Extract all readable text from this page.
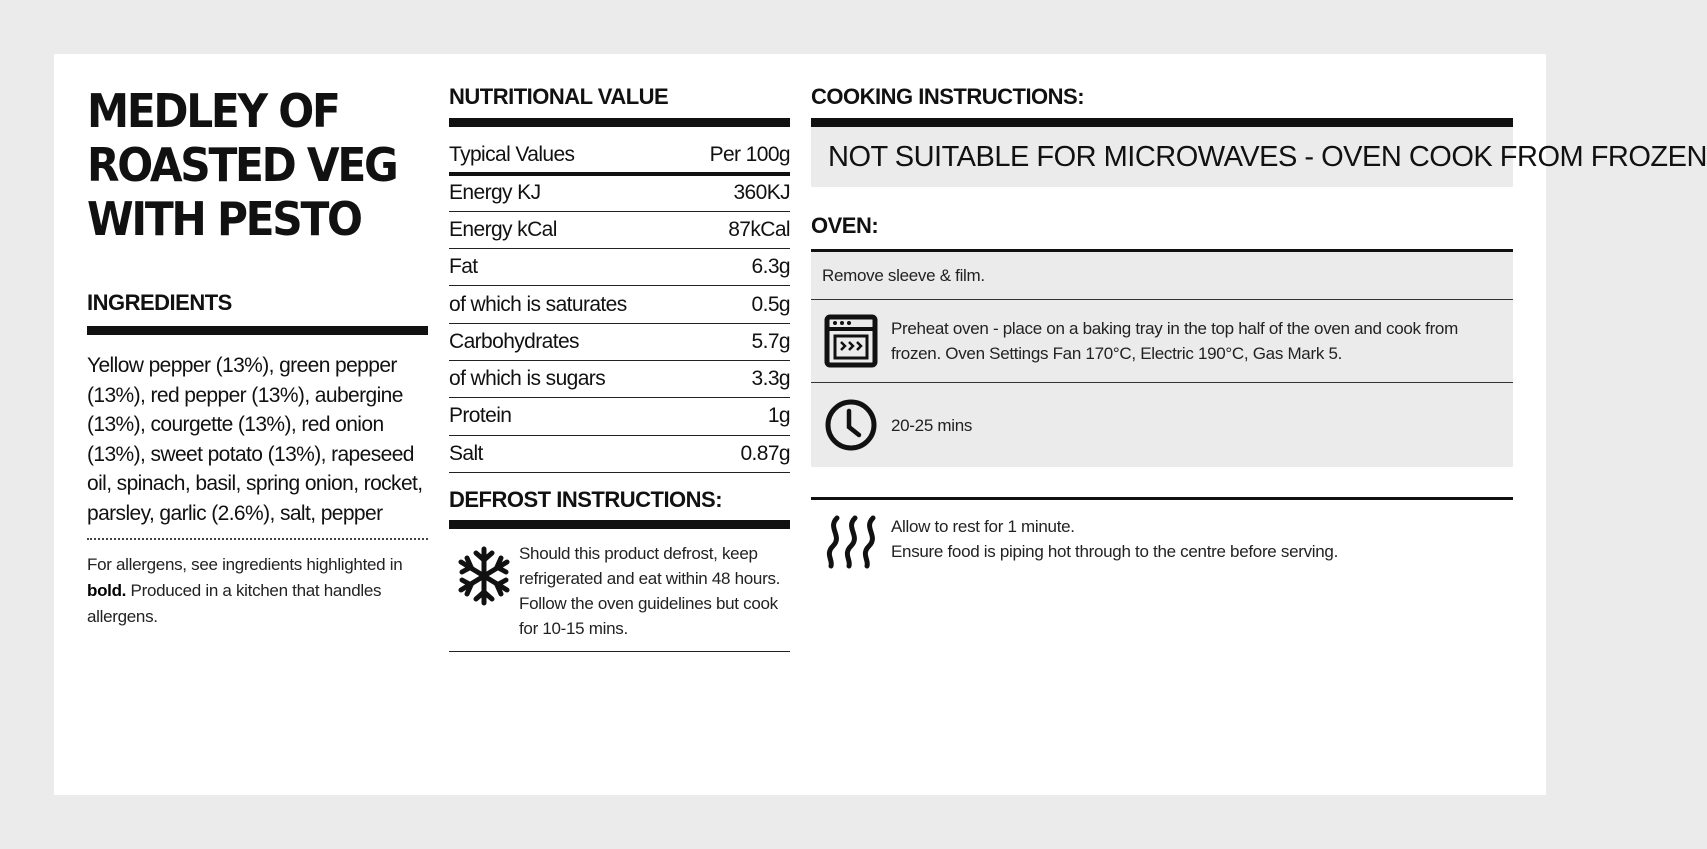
MEDLEY OF
ROASTED VEG
WITH PESTO
INGREDIENTS
Yellow pepper (13%), green pepper (13%), red pepper (13%), aubergine (13%), courgette (13%), red onion (13%), sweet potato (13%), rapeseed oil, spinach, basil, spring onion, rocket, parsley, garlic (2.6%), salt, pepper
For allergens, see ingredients highlighted in bold. Produced in a kitchen that handles allergens.
NUTRITIONAL VALUE
Typical Values	Per 100g
Energy KJ	360KJ
Energy kCal	87kCal
Fat	6.3g
of which is saturates	0.5g
Carbohydrates	5.7g
of which is sugars	3.3g
Protein	1g
Salt	0.87g
DEFROST INSTRUCTIONS:
Should this product defrost, keep refrigerated and eat within 48 hours. Follow the oven guidelines but cook for 10-15 mins.
COOKING INSTRUCTIONS:
NOT SUITABLE FOR MICROWAVES - OVEN COOK FROM FROZEN
OVEN:
Remove sleeve & film.
Preheat oven - place on a baking tray in the top half of the oven and cook from frozen. Oven Settings Fan 170°C, Electric 190°C, Gas Mark 5.
20-25 mins
Allow to rest for 1 minute.
Ensure food is piping hot through to the centre before serving.
